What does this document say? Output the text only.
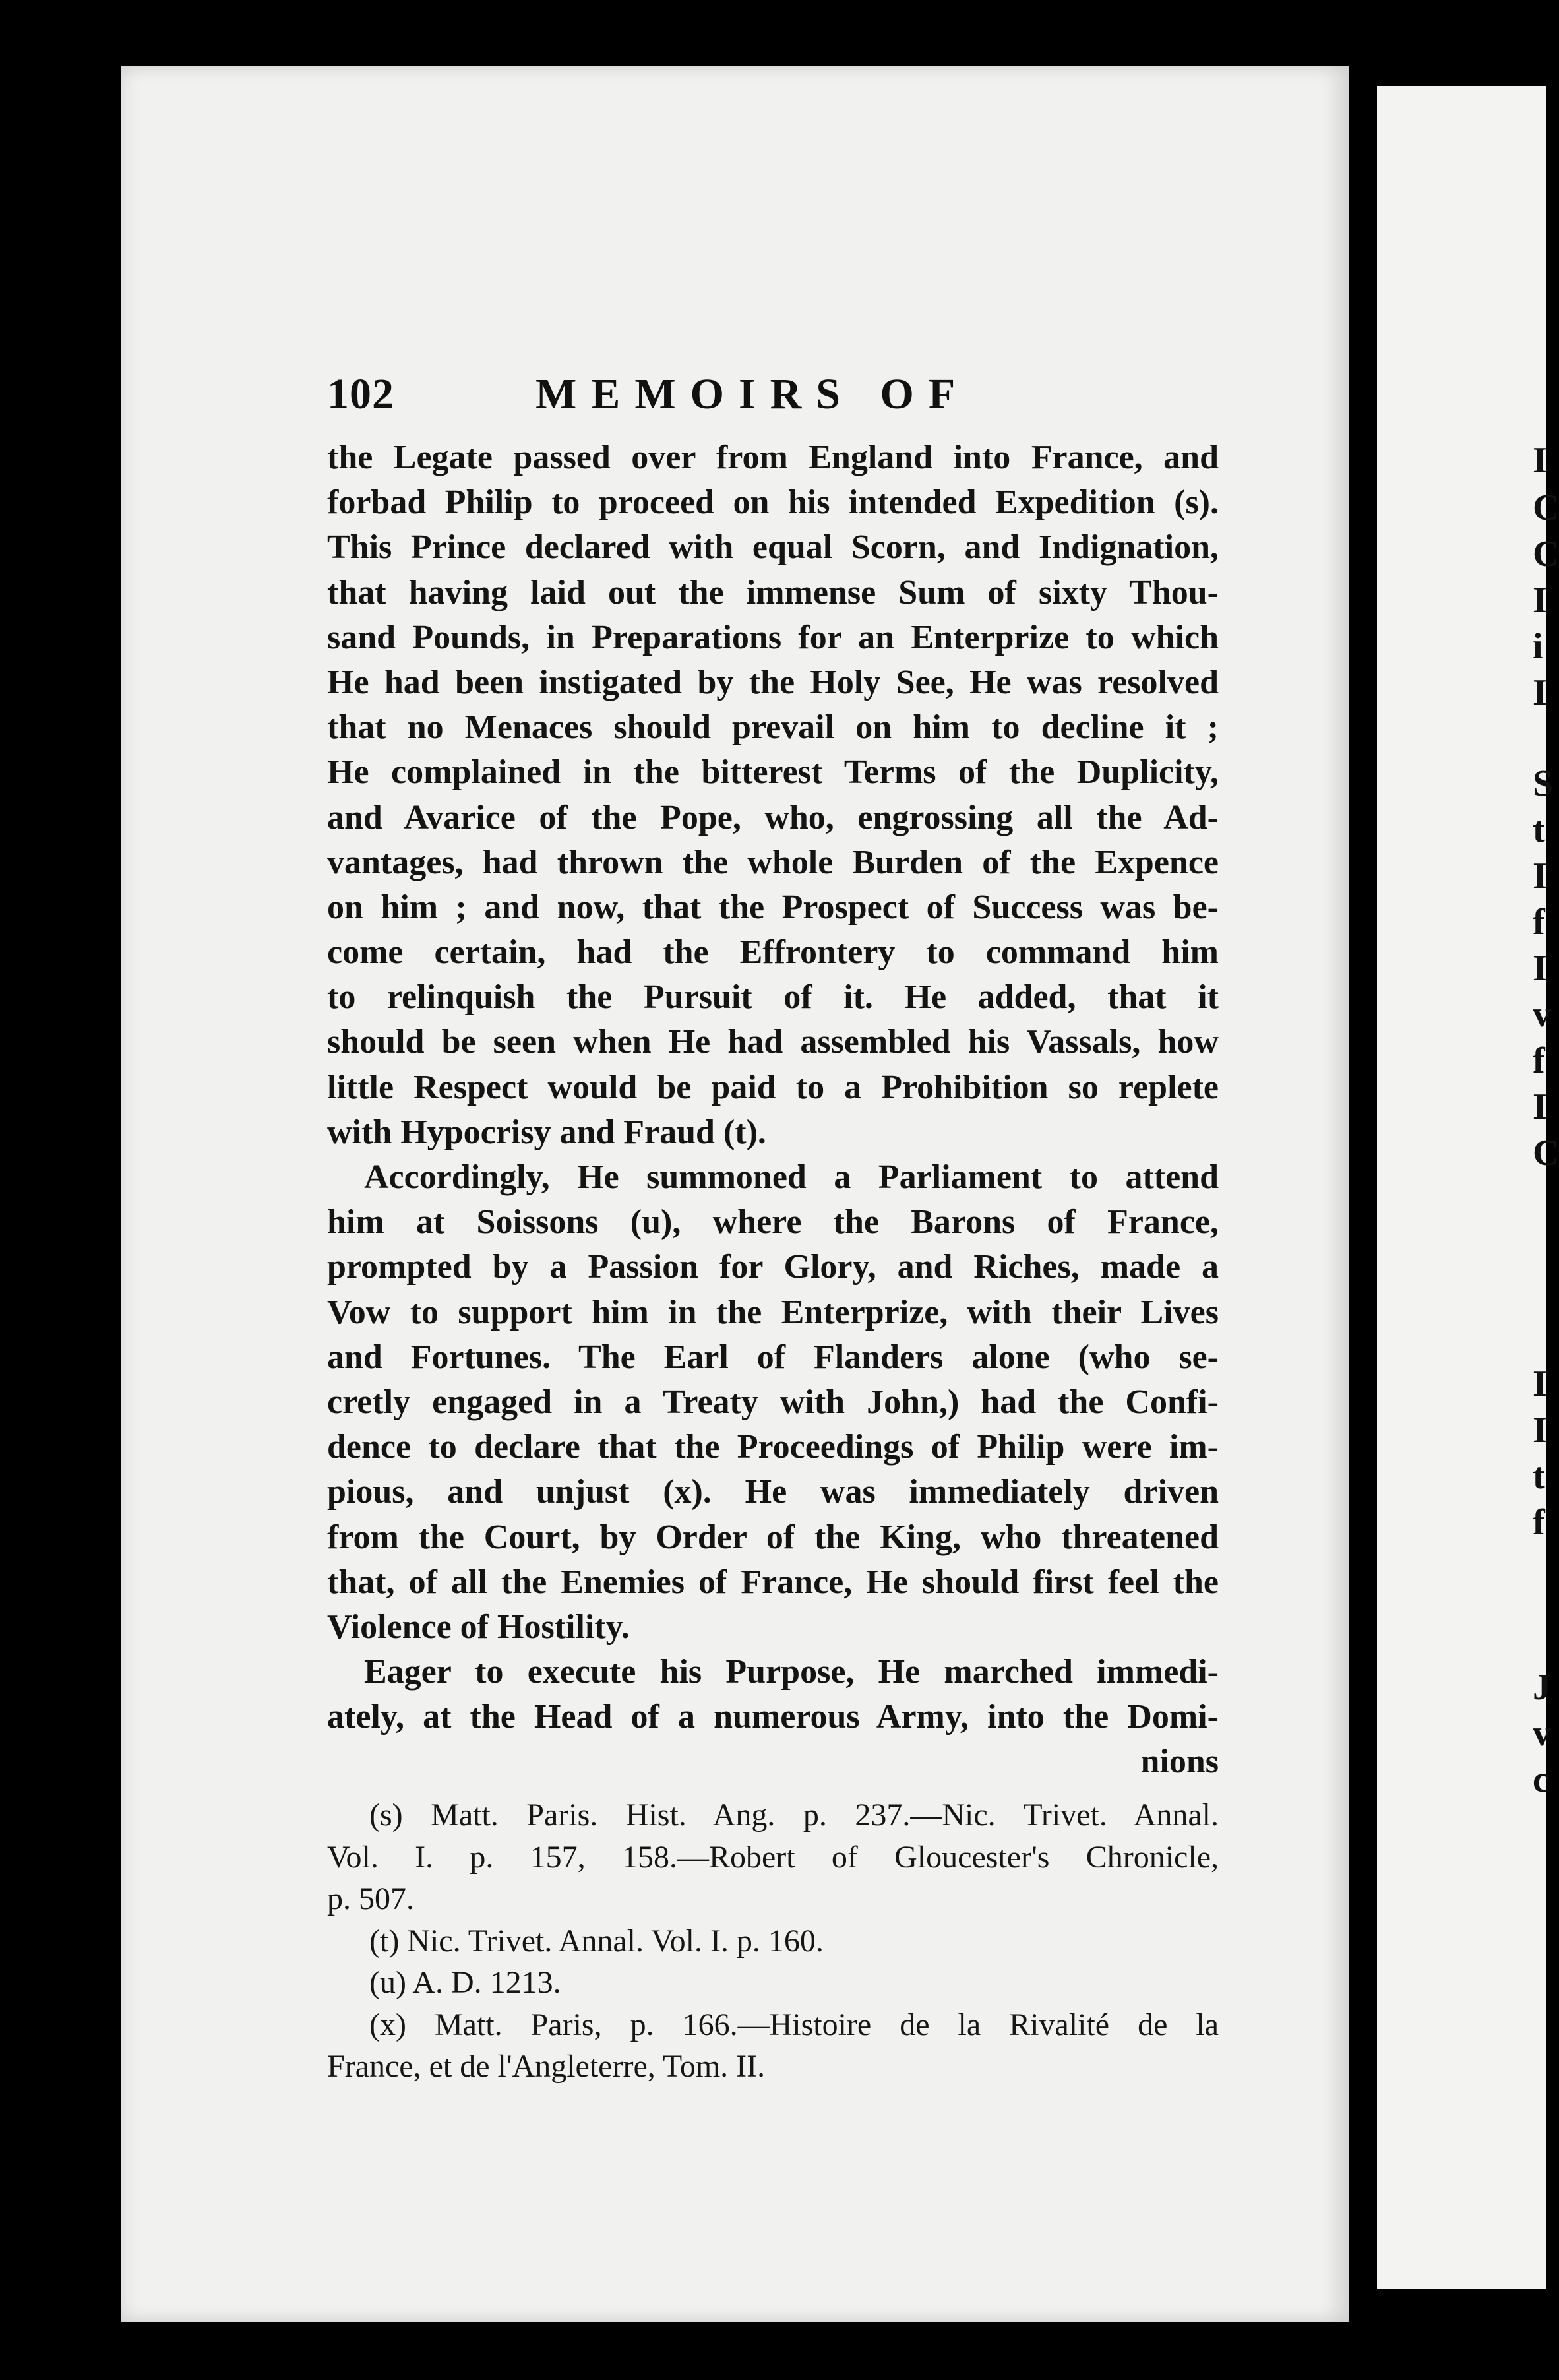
I
C
C
I
i
I
S
t
I
f
I
v
f
I
C
I
I
t
f
J
v
c
102	MEMOIRS OF
the Legate passed over from England into France, and
forbad Philip to proceed on his intended Expedition (s).
This Prince declared with equal Scorn, and Indignation,
that having laid out the immense Sum of sixty Thou-
sand Pounds, in Preparations for an Enterprize to which
He had been instigated by the Holy See, He was resolved
that no Menaces should prevail on him to decline it ;
He complained in the bitterest Terms of the Duplicity,
and Avarice of the Pope, who, engrossing all the Ad-
vantages, had thrown the whole Burden of the Expence
on him ; and now, that the Prospect of Success was be-
come certain, had the Effrontery to command him
to relinquish the Pursuit of it. He added, that it
should be seen when He had assembled his Vassals, how
little Respect would be paid to a Prohibition so replete
with Hypocrisy and Fraud (t).
Accordingly, He summoned a Parliament to attend
him at Soissons (u), where the Barons of France,
prompted by a Passion for Glory, and Riches, made a
Vow to support him in the Enterprize, with their Lives
and Fortunes. The Earl of Flanders alone (who se-
cretly engaged in a Treaty with John,) had the Confi-
dence to declare that the Proceedings of Philip were im-
pious, and unjust (x). He was immediately driven
from the Court, by Order of the King, who threatened
that, of all the Enemies of France, He should first feel the
Violence of Hostility.
Eager to execute his Purpose, He marched immedi-
ately, at the Head of a numerous Army, into the Domi-
nions
(s) Matt. Paris. Hist. Ang. p. 237.—Nic. Trivet. Annal.
Vol. I. p. 157, 158.—Robert of Gloucester's Chronicle,
p. 507.
(t) Nic. Trivet. Annal. Vol. I. p. 160.
(u) A. D. 1213.
(x) Matt. Paris, p. 166.—Histoire de la Rivalité de la
France, et de l'Angleterre, Tom. II.
